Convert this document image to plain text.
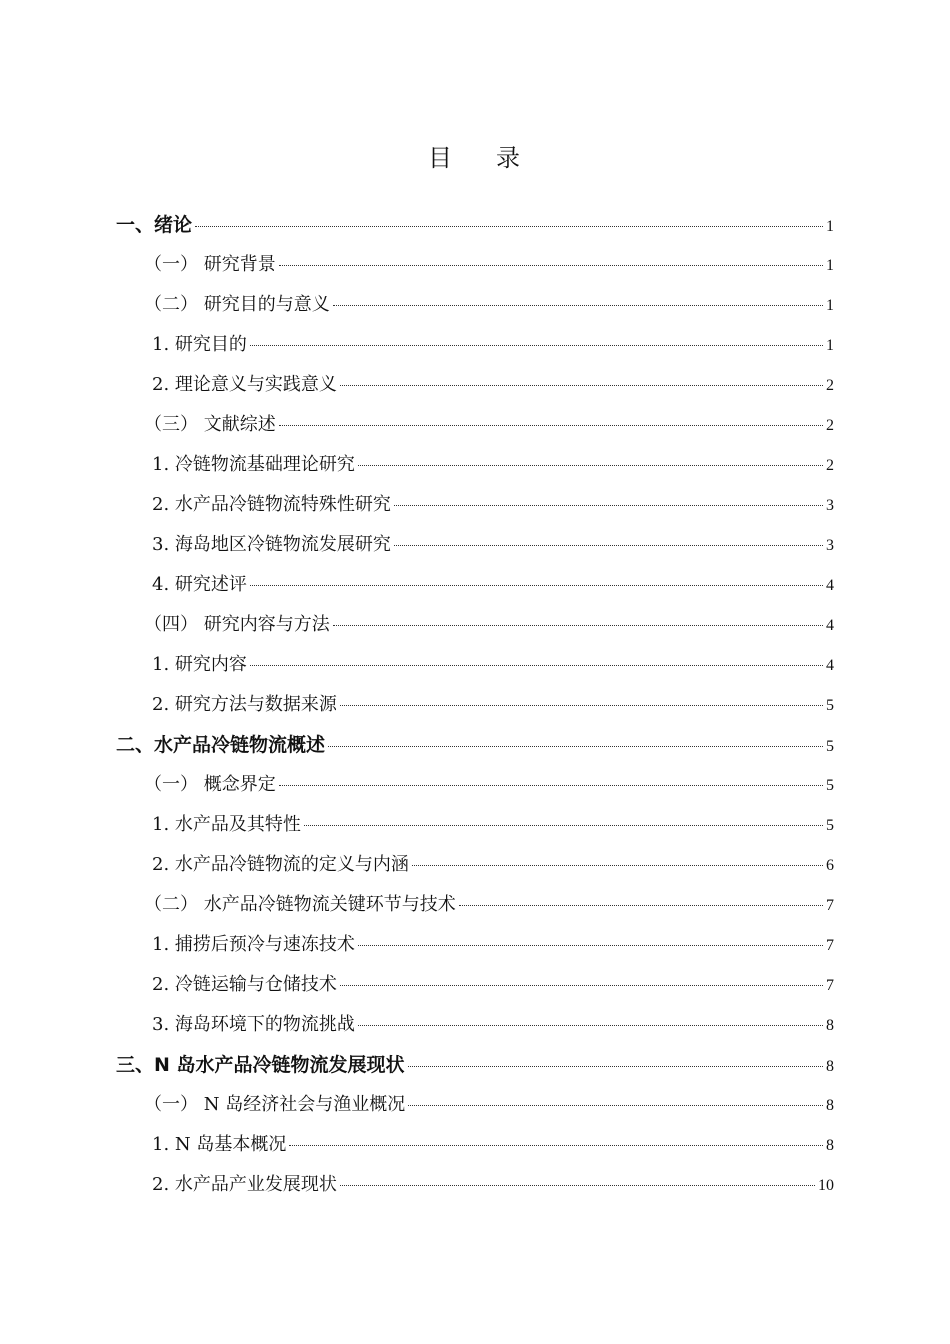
目 录
一、绪论	1
（一） 研究背景	1
（二） 研究目的与意义	1
1. 研究目的	1
2. 理论意义与实践意义	2
（三） 文献综述	2
1. 冷链物流基础理论研究	2
2. 水产品冷链物流特殊性研究	3
3. 海岛地区冷链物流发展研究	3
4. 研究述评	4
（四） 研究内容与方法	4
1. 研究内容	4
2. 研究方法与数据来源	5
二、水产品冷链物流概述	5
（一） 概念界定	5
1. 水产品及其特性	5
2. 水产品冷链物流的定义与内涵	6
（二） 水产品冷链物流关键环节与技术	7
1. 捕捞后预冷与速冻技术	7
2. 冷链运输与仓储技术	7
3. 海岛环境下的物流挑战	8
三、N 岛水产品冷链物流发展现状	8
（一） N 岛经济社会与渔业概况	8
1. N 岛基本概况	8
2. 水产品产业发展现状	10
